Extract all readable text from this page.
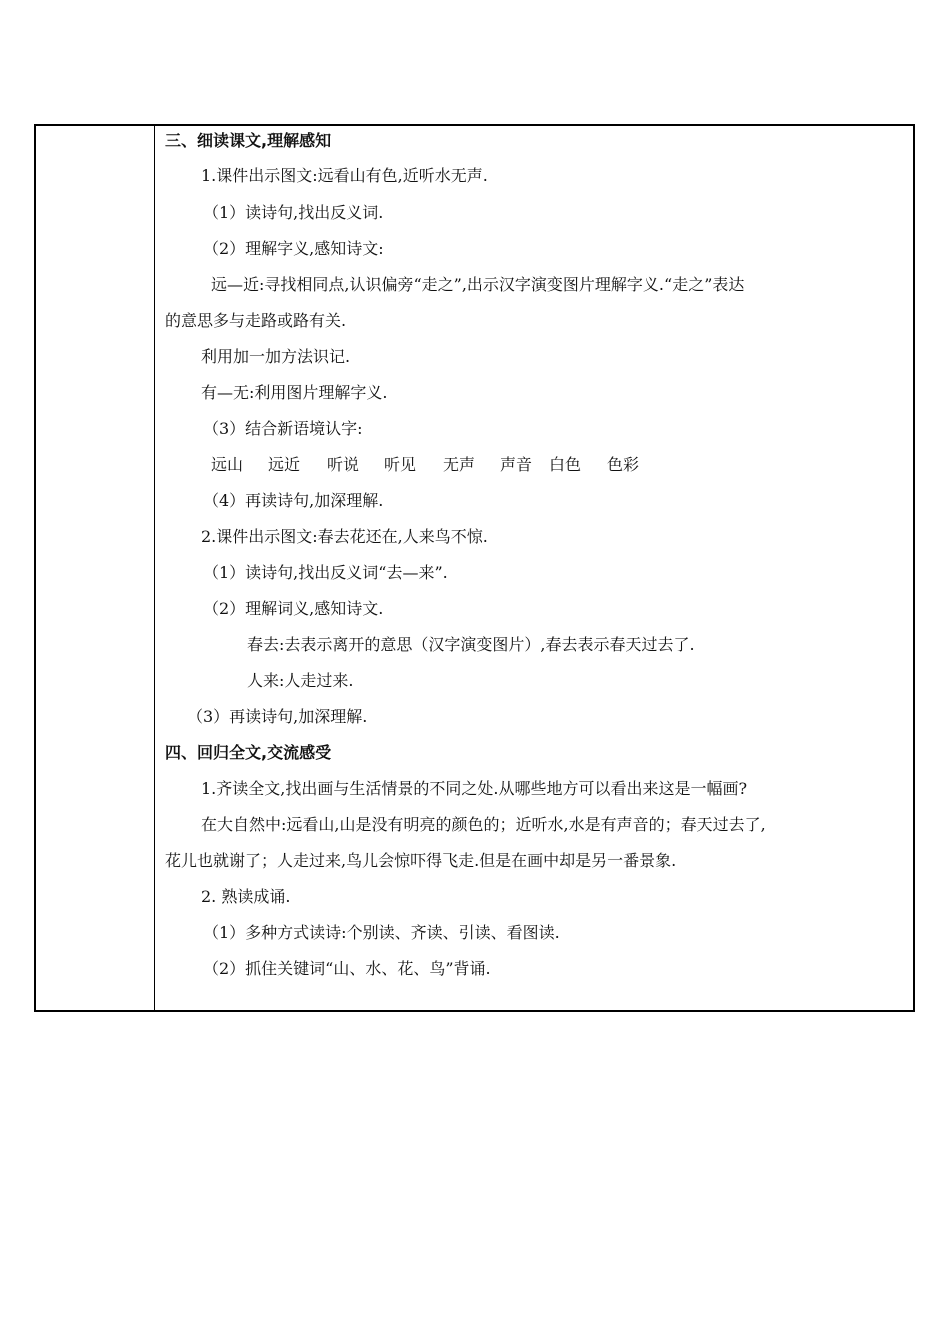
三、细读课文,理解感知
1.课件出示图文:远看山有色,近听水无声.
（1）读诗句,找出反义词.
（2）理解字义,感知诗文:
远—近:寻找相同点,认识偏旁“走之”,出示汉字演变图片理解字义.“走之”表达
的意思多与走路或路有关.
利用加一加方法识记.
有—无:利用图片理解字义.
（3）结合新语境认字:
远山 远近 听说 听见 无声 声音 白色 色彩
（4）再读诗句,加深理解.
2.课件出示图文:春去花还在,人来鸟不惊.
（1）读诗句,找出反义词“去—来”.
（2）理解词义,感知诗文.
春去:去表示离开的意思（汉字演变图片）,春去表示春天过去了.
人来:人走过来.
（3）再读诗句,加深理解.
四、回归全文,交流感受
1.齐读全文,找出画与生活情景的不同之处.从哪些地方可以看出来这是一幅画?
在大自然中:远看山,山是没有明亮的颜色的；近听水,水是有声音的；春天过去了,
花儿也就谢了；人走过来,鸟儿会惊吓得飞走.但是在画中却是另一番景象.
2. 熟读成诵.
（1）多种方式读诗:个别读、齐读、引读、看图读.
（2）抓住关键词“山、水、花、鸟”背诵.
